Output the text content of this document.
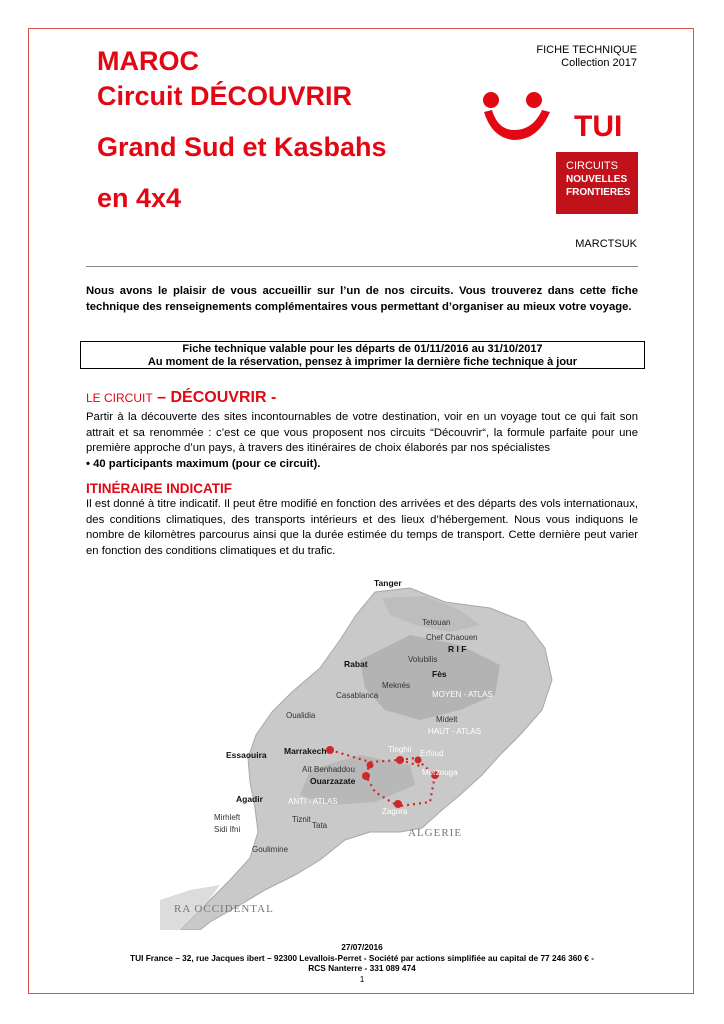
MAROC
Circuit DÉCOUVRIR
Grand Sud et Kasbahs
en 4x4
FICHE TECHNIQUE
Collection 2017
TUI
CIRCUITS
NOUVELLES
FRONTIERES
MARCTSUK

Nous avons le plaisir de vous accueillir sur l’un de nos circuits. Vous trouverez dans cette fiche technique des renseignements complémentaires vous permettant d’organiser au mieux votre voyage.

Fiche technique valable pour les départs de 01/11/2016 au 31/10/2017
Au moment de la réservation, pensez à imprimer la dernière fiche technique à jour
LE CIRCUIT – DÉCOUVRIR -
Partir à la découverte des sites incontournables de votre destination, voir en un voyage tout ce qui fait son attrait et sa renommée : c’est ce que vous proposent nos circuits “Découvrir“, la formule parfaite pour une première approche d’un pays, à travers des itinéraires de choix élaborés par nos spécialistes
• 40 participants maximum (pour ce circuit).
ITINÉRAIRE INDICATIF

Il est donné à titre indicatif. Il peut être modifié en fonction des arrivées et des départs des vols internationaux, des conditions climatiques, des transports intérieurs et des lieux d’hébergement. Nous vous indiquons le nombre de kilomètres parcourus ainsi que la durée estimée du temps de transport. Cette dernière peut varier en fonction des conditions climatiques et du trafic.

Tanger
Tetouan
Chef Chaouen
R I F
Volubilis
Rabat
Fès
Meknès
Casablanca	MOYEN - ATLAS
Oualidia	Midelt
HAUT - ATLAS
Essaouira Marrakech	Tinghir Erfoud
Aït Benhaddou
Ouarzazate
Merzouga
Agadir	ANTI - ATLAS
Zagora
ALGERIE
Mirhleft
Sidi Ifni
Tiznit
Tata
Goulimine
RA OCCIDENTAL
27/07/2016
TUI France – 32, rue Jacques ibert – 92300 Levallois-Perret - Société par actions simplifiée au capital de 77 246 360 € -
RCS Nanterre - 331 089 474
1
